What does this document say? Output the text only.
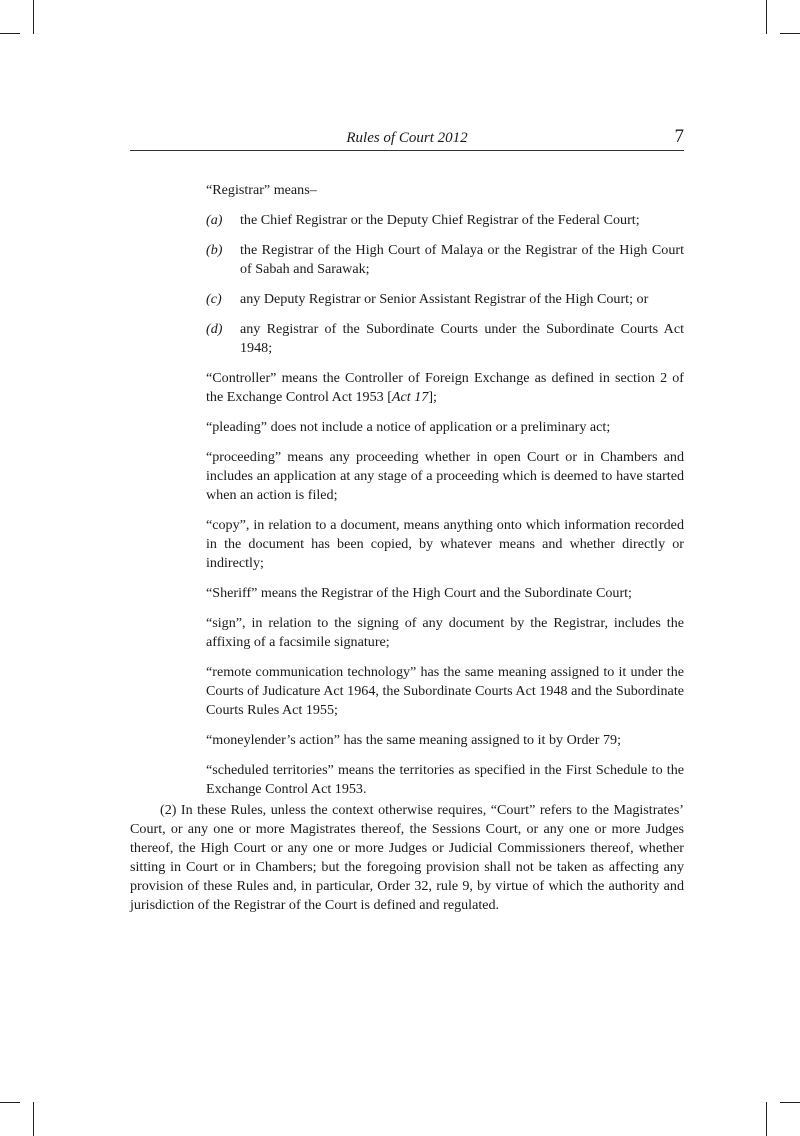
Rules of Court 2012	7

“Registrar” means–

(a)	the Chief Registrar or the Deputy Chief Registrar of the Federal Court;
(b)	the Registrar of the High Court of Malaya or the Registrar of the High Court of Sabah and Sarawak;
(c)	any Deputy Registrar or Senior Assistant Registrar of the High Court; or
(d)	any Registrar of the Subordinate Courts under the Subordinate Courts Act 1948;

“Controller” means the Controller of Foreign Exchange as defined in section 2 of the Exchange Control Act 1953 [Act 17];

“pleading” does not include a notice of application or a preliminary act;

“proceeding” means any proceeding whether in open Court or in Chambers and includes an application at any stage of a proceeding which is deemed to have started when an action is filed;

“copy”, in relation to a document, means anything onto which information recorded in the document has been copied, by whatever means and whether directly or indirectly;

“Sheriff” means the Registrar of the High Court and the Subordinate Court;

“sign”, in relation to the signing of any document by the Registrar, includes the affixing of a facsimile signature;

“remote communication technology” has the same meaning assigned to it under the Courts of Judicature Act 1964, the Subordinate Courts Act 1948 and the Subordinate Courts Rules Act 1955;

“moneylender’s action” has the same meaning assigned to it by Order 79;

“scheduled territories” means the territories as specified in the First Schedule to the Exchange Control Act 1953.

(2) In these Rules, unless the context otherwise requires, “Court” refers to the Magistrates’ Court, or any one or more Magistrates thereof, the Sessions Court, or any one or more Judges thereof, the High Court or any one or more Judges or Judicial Commissioners thereof, whether sitting in Court or in Chambers; but the foregoing provision shall not be taken as affecting any provision of these Rules and, in particular, Order 32, rule 9, by virtue of which the authority and jurisdiction of the Registrar of the Court is defined and regulated.
